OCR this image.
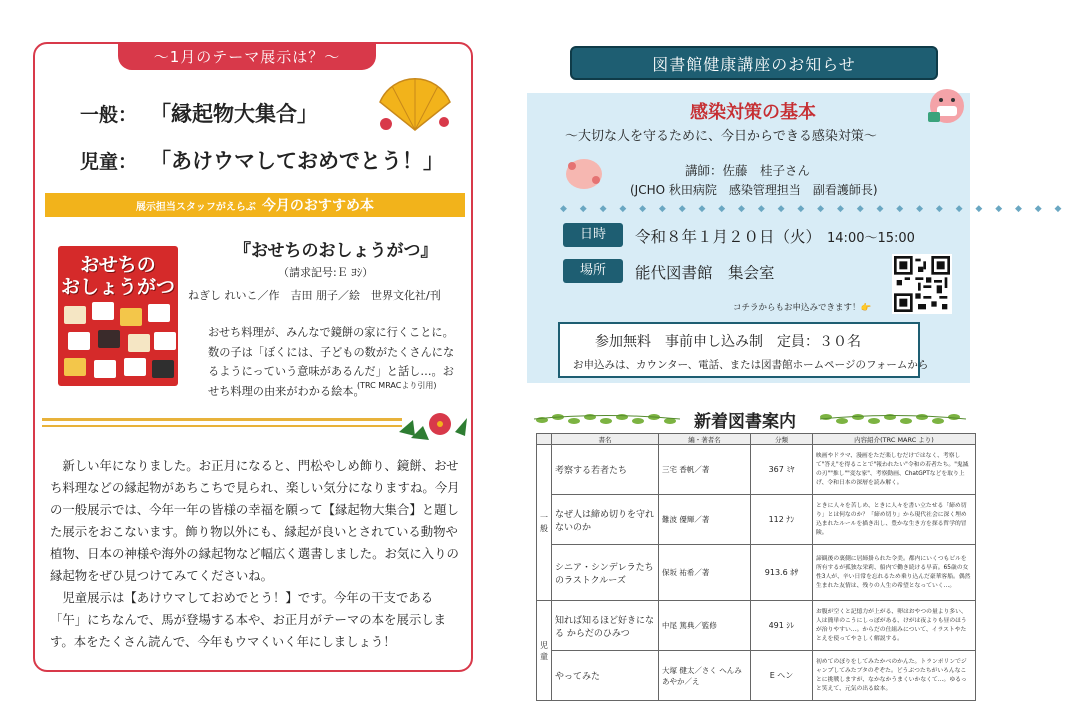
～1月のテーマ展示は？～
一般： 「縁起物大集合」
児童： 「あけウマしておめでとう！」
展示担当スタッフがえらぶ 今月のおすすめ本
おせちの
おしょうがつ
『おせちのおしょうがつ』
（請求記号:Ｅ ﾖｼ）
ねぎし れいこ／作　吉田 朋子／絵　世界文化社/刊

おせち料理が、みんなで鏡餅の家に行くことに。数の子は「ぼくには、子どもの数がたくさんになるようにっていう意味があるんだ」と話し…。おせち料理の由来がわかる絵本。

(TRC MRACより引用)

新しい年になりました。お正月になると、門松やしめ飾り、鏡餅、おせち料理などの縁起物があちこちで見られ、楽しい気分になりますね。今月の一般展示では、今年一年の皆様の幸福を願って【縁起物大集合】と題した展示をおこないます。飾り物以外にも、縁起が良いとされている動物や植物、日本の神様や海外の縁起物など幅広く選書しました。お気に入りの縁起物をぜひ見つけてみてくださいね。

児童展示は【あけウマしておめでとう！】です。今年の干支である「午」にちなんで、馬が登場する本や、お正月がテーマの本を展示します。本をたくさん読んで、今年もウマくいく年にしましょう！

図書館健康講座のお知らせ
感染対策の基本
～大切な人を守るために、今日からできる感染対策～
講師：佐藤　桂子さん
(JCHO 秋田病院　感染管理担当　副看護師長)
◆ ◆ ◆ ◆ ◆ ◆ ◆ ◆ ◆ ◆ ◆ ◆ ◆ ◆ ◆ ◆ ◆ ◆ ◆ ◆ ◆ ◆ ◆ ◆ ◆ ◆
日時	令和８年１月２０日（火） 14:00～15:00
場所	能代図書館　集会室
コチラからもお申込みできます！👉
参加無料　事前申し込み制　定員：３０名
お申込みは、カウンター、電話、または図書館ホームページのフォームから
新着図書案内
	書名	編・著者名	分類	内容紹介(TRC MARC より)
一般	考察する若者たち	三宅 香帆／著	367 ﾐﾔ	映画やドラマ、漫画をただ楽しむだけではなく、考察して"答え"を得ることで"報われたい"令和の若者たち。"鬼滅の刃""推し""変な家"、考察動画、ChatGPTなどを取り上げ、令和日本の深層を読み解く。
	なぜ人は締め切りを守れないのか	難波 優輝／著	112 ﾅﾝ	ときに人々を苦しめ、ときに人々を書い立たせる「締め切り」とは何なのか？「締め切り」から現代社会に深く埋め込まれたルールを描き出し、豊かな生き方を探る哲学的冒険。
	シニア・シンデレラたちのラストクルーズ	保坂 祐希／著	913.6 ﾎｻ	諦観後の裏側に居締掛られた令美。都内にいくつもビルを所有するが孤独な栄莉、船内で働き続ける早苗。65歳の女性3人が、辛い日常を忘れるため乗り込んだ豪華客船。偶然生まれた友情は、残りの人生の希望となっていく…。
児童	知れば知るほど好きになる からだのひみつ	中尾 篤典／監修	491 ｼﾚ	お腹が空くと記憶力が上がる、卵はおやつの量より多い、人は簡単のこうにしっぽがある、けがは夜よりも昼のほうが治りやすい…。からだの仕組みについて、イラストやたとえを使ってやさしく解説する。
	やってみた	大塚 健太／さく へんみ あやか／え	E ヘン	初めてのぼりをしてみたかべのかんた。トランポリンでジャンプしてみたブタのぞぞた。どうぶつたちがいろんなことに挑戦しますが、なかなかうまくいかなくて…。ゆるっと笑えて、元気の出る絵本。
